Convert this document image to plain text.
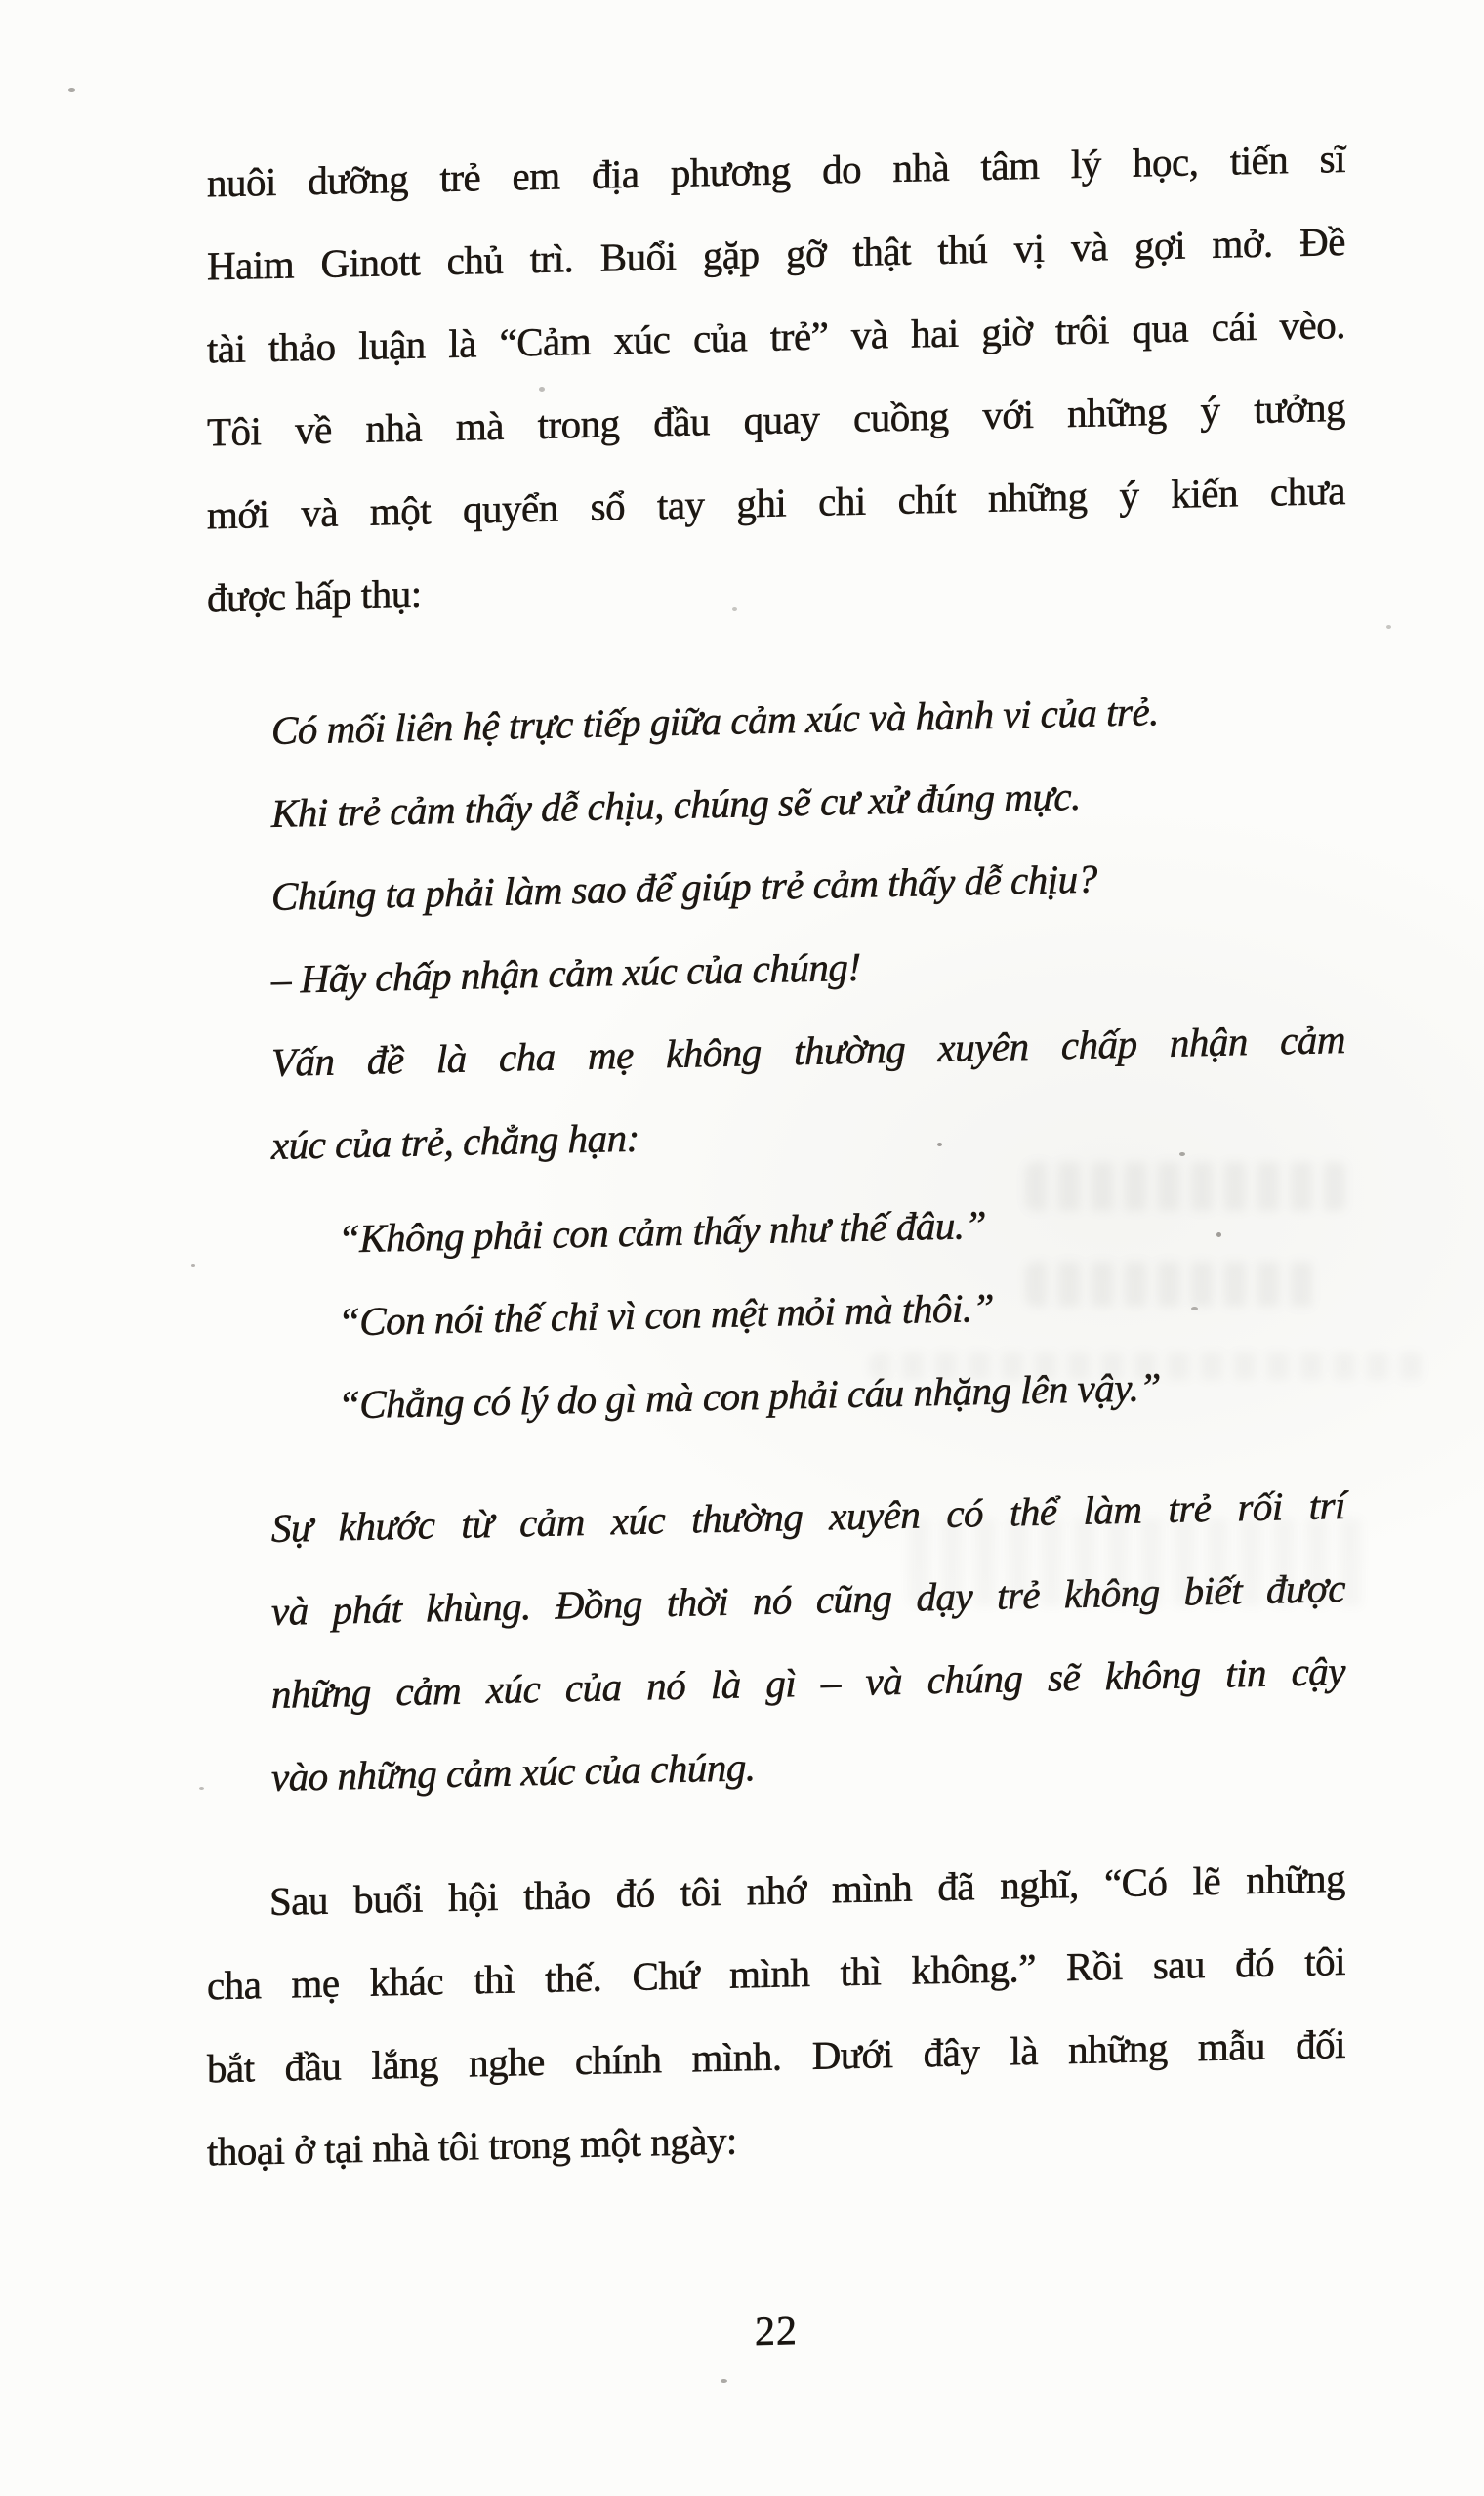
nuôi dưỡng trẻ em địa phương do nhà tâm lý học, tiến sĩ
Haim Ginott chủ trì. Buổi gặp gỡ thật thú vị và gợi mở. Đề
tài thảo luận là “Cảm xúc của trẻ” và hai giờ trôi qua cái vèo.
Tôi về nhà mà trong đầu quay cuồng với những ý tưởng
mới và một quyển sổ tay ghi chi chít những ý kiến chưa
được hấp thụ:
Có mối liên hệ trực tiếp giữa cảm xúc và hành vi của trẻ.
Khi trẻ cảm thấy dễ chịu, chúng sẽ cư xử đúng mực.
Chúng ta phải làm sao để giúp trẻ cảm thấy dễ chịu?
– Hãy chấp nhận cảm xúc của chúng!
Vấn đề là cha mẹ không thường xuyên chấp nhận cảm
xúc của trẻ, chẳng hạn:
“Không phải con cảm thấy như thế đâu.”
“Con nói thế chỉ vì con mệt mỏi mà thôi.”
“Chẳng có lý do gì mà con phải cáu nhặng lên vậy.”
Sự khước từ cảm xúc thường xuyên có thể làm trẻ rối trí
và phát khùng. Đồng thời nó cũng dạy trẻ không biết được
những cảm xúc của nó là gì – và chúng sẽ không tin cậy
vào những cảm xúc của chúng.
Sau buổi hội thảo đó tôi nhớ mình đã nghĩ, “Có lẽ những
cha mẹ khác thì thế. Chứ mình thì không.” Rồi sau đó tôi
bắt đầu lắng nghe chính mình. Dưới đây là những mẫu đối
thoại ở tại nhà tôi trong một ngày:
22
